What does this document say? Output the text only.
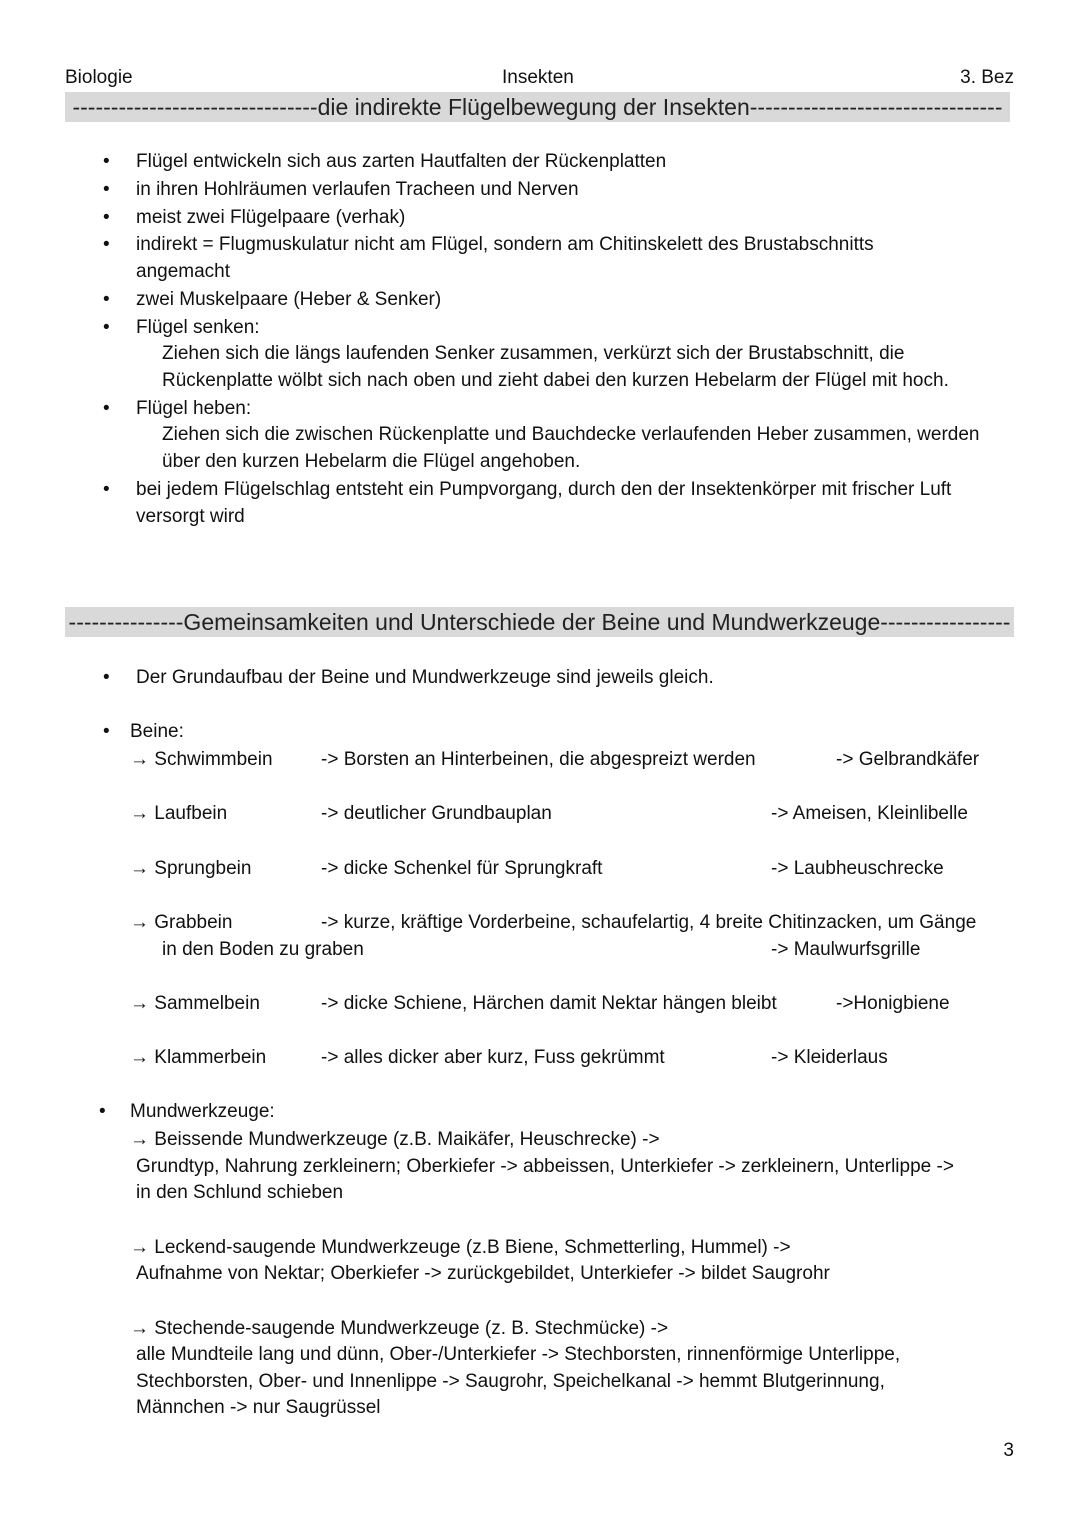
Biologie	Insekten	3. Bez
--------------------------------die indirekte Flügelbewegung der Insekten---------------------------------
• Flügel entwickeln sich aus zarten Hautfalten der Rückenplatten
• in ihren Hohlräumen verlaufen Tracheen und Nerven
• meist zwei Flügelpaare (verhak)
• indirekt = Flugmuskulatur nicht am Flügel, sondern am Chitinskelett des Brustabschnitts
angemacht
• zwei Muskelpaare (Heber & Senker)
• Flügel senken:
Ziehen sich die längs laufenden Senker zusammen, verkürzt sich der Brustabschnitt, die
Rückenplatte wölbt sich nach oben und zieht dabei den kurzen Hebelarm der Flügel mit hoch.
• Flügel heben:
Ziehen sich die zwischen Rückenplatte und Bauchdecke verlaufenden Heber zusammen, werden
über den kurzen Hebelarm die Flügel angehoben.
• bei jedem Flügelschlag entsteht ein Pumpvorgang, durch den der Insektenkörper mit frischer Luft
versorgt wird
---------------Gemeinsamkeiten und Unterschiede der Beine und Mundwerkzeuge-----------------
• Der Grundaufbau der Beine und Mundwerkzeuge sind jeweils gleich.
• Beine:
→ Schwimmbein	-> Borsten an Hinterbeinen, die abgespreizt werden	-> Gelbrandkäfer
→ Laufbein	-> deutlicher Grundbauplan	-> Ameisen, Kleinlibelle
→ Sprungbein	-> dicke Schenkel für Sprungkraft	-> Laubheuschrecke
→ Grabbein	-> kurze, kräftige Vorderbeine, schaufelartig, 4 breite Chitinzacken, um Gänge
in den Boden zu graben	-> Maulwurfsgrille
→ Sammelbein	-> dicke Schiene, Härchen damit Nektar hängen bleibt	->Honigbiene
→ Klammerbein	-> alles dicker aber kurz, Fuss gekrümmt	-> Kleiderlaus
• Mundwerkzeuge:
→ Beissende Mundwerkzeuge (z.B. Maikäfer, Heuschrecke) ->
Grundtyp, Nahrung zerkleinern; Oberkiefer -> abbeissen, Unterkiefer -> zerkleinern, Unterlippe ->
in den Schlund schieben
→ Leckend-saugende Mundwerkzeuge (z.B Biene, Schmetterling, Hummel) ->
Aufnahme von Nektar; Oberkiefer -> zurückgebildet, Unterkiefer -> bildet Saugrohr
→ Stechende-saugende Mundwerkzeuge (z. B. Stechmücke) ->
alle Mundteile lang und dünn, Ober-/Unterkiefer -> Stechborsten, rinnenförmige Unterlippe,
Stechborsten, Ober- und Innenlippe -> Saugrohr, Speichelkanal -> hemmt Blutgerinnung,
Männchen -> nur Saugrüssel
3
